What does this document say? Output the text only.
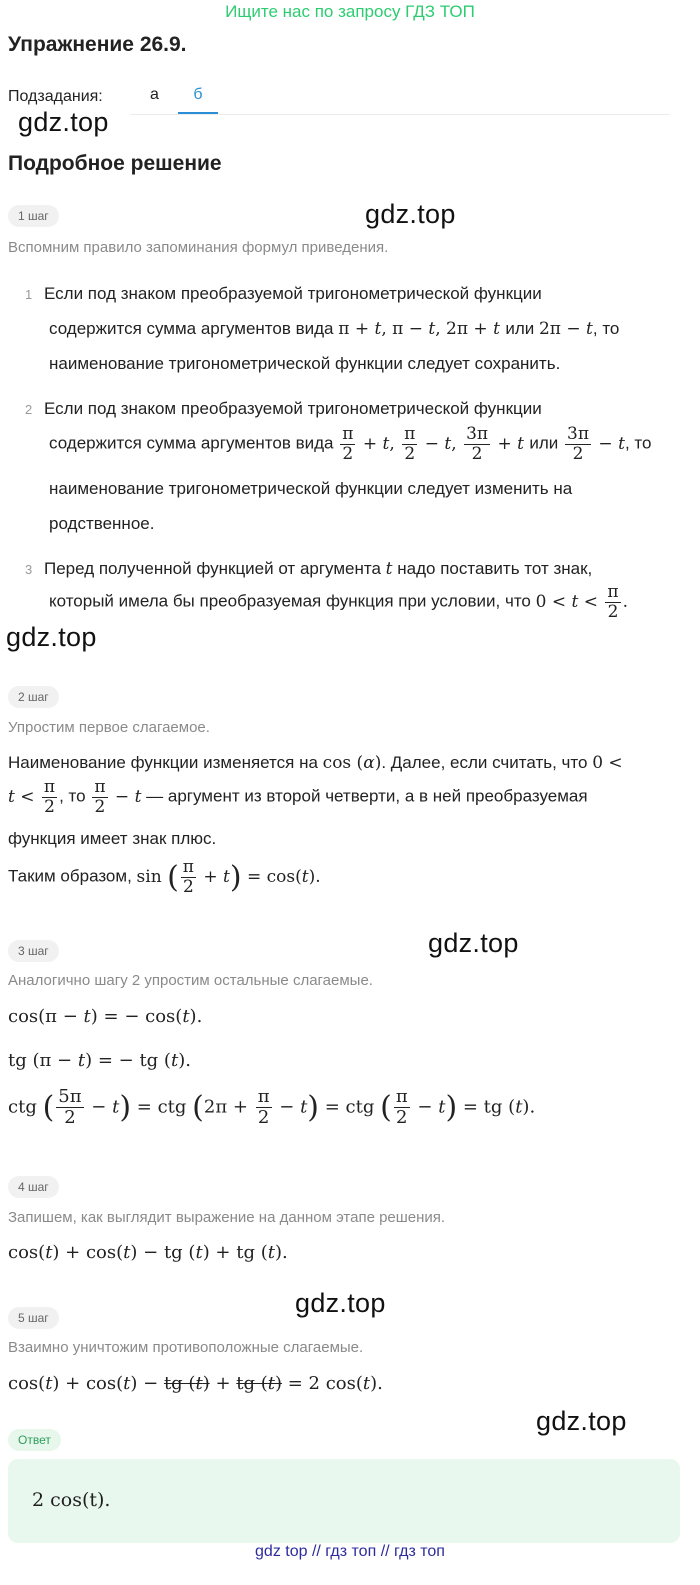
Ищите нас по запросу ГДЗ ТОП
Упражнение 26.9.
Подзадания:	а	б
gdz.top
Подробное решение
1 шаг	gdz.top
Вспомним правило запоминания формул приведения.
1 Если под знаком преобразуемой тригонометрической функции
содержится сумма аргументов вида π + t, π − t, 2π + t или 2π − t, то
наименование тригонометрической функции следует сохранить.
2 Если под знаком преобразуемой тригонометрической функции
содержится сумма аргументов вида $\frac{\pi}{2} + t$, $\frac{\pi}{2} - t$, $\frac{3\pi}{2} + t$ или $\frac{3\pi}{2} - t$, то
наименование тригонометрической функции следует изменить на
родственное.
3 Перед полученной функцией от аргумента t надо поставить тот знак,
который имела бы преобразуемая функция при условии, что $0 < t < \frac{\pi}{2}$ .
gdz.top
2 шаг
Упростим первое слагаемое.
Наименование функции изменяется на cos (α). Далее, если считать, что 0 <
$t < \frac{\pi}{2}$ , то $\frac{\pi}{2} - t$ — аргумент из второй четверти, а в ней преобразуемая
функция имеет знак плюс.
Таким образом, sin ( $\frac{\pi}{2} + t) = \cos(t)$.
3 шаг	gdz.top
Аналогично шагу 2 упростим остальные слагаемые.
cos(π − t) = − cos(t).
tg (π − t) = − tg (t).
ctg ( $\frac{5\pi}{2} - t$) = ctg $(2\pi + \frac{\pi}{2} - t)$ = ctg ( $\frac{\pi}{2} - t$) = tg (t).
4 шаг
Запишем, как выглядит выражение на данном этапе решения.
cos(t) + cos(t) − tg (t) + tg (t).
5 шаг	gdz.top
Взаимно уничтожим противоположные слагаемые.
cos(t) + cos(t) − tg (t) + tg (t) = 2 cos(t).
gdz.top
Ответ
2 cos(t).
gdz top // гдз топ // гдз топ
